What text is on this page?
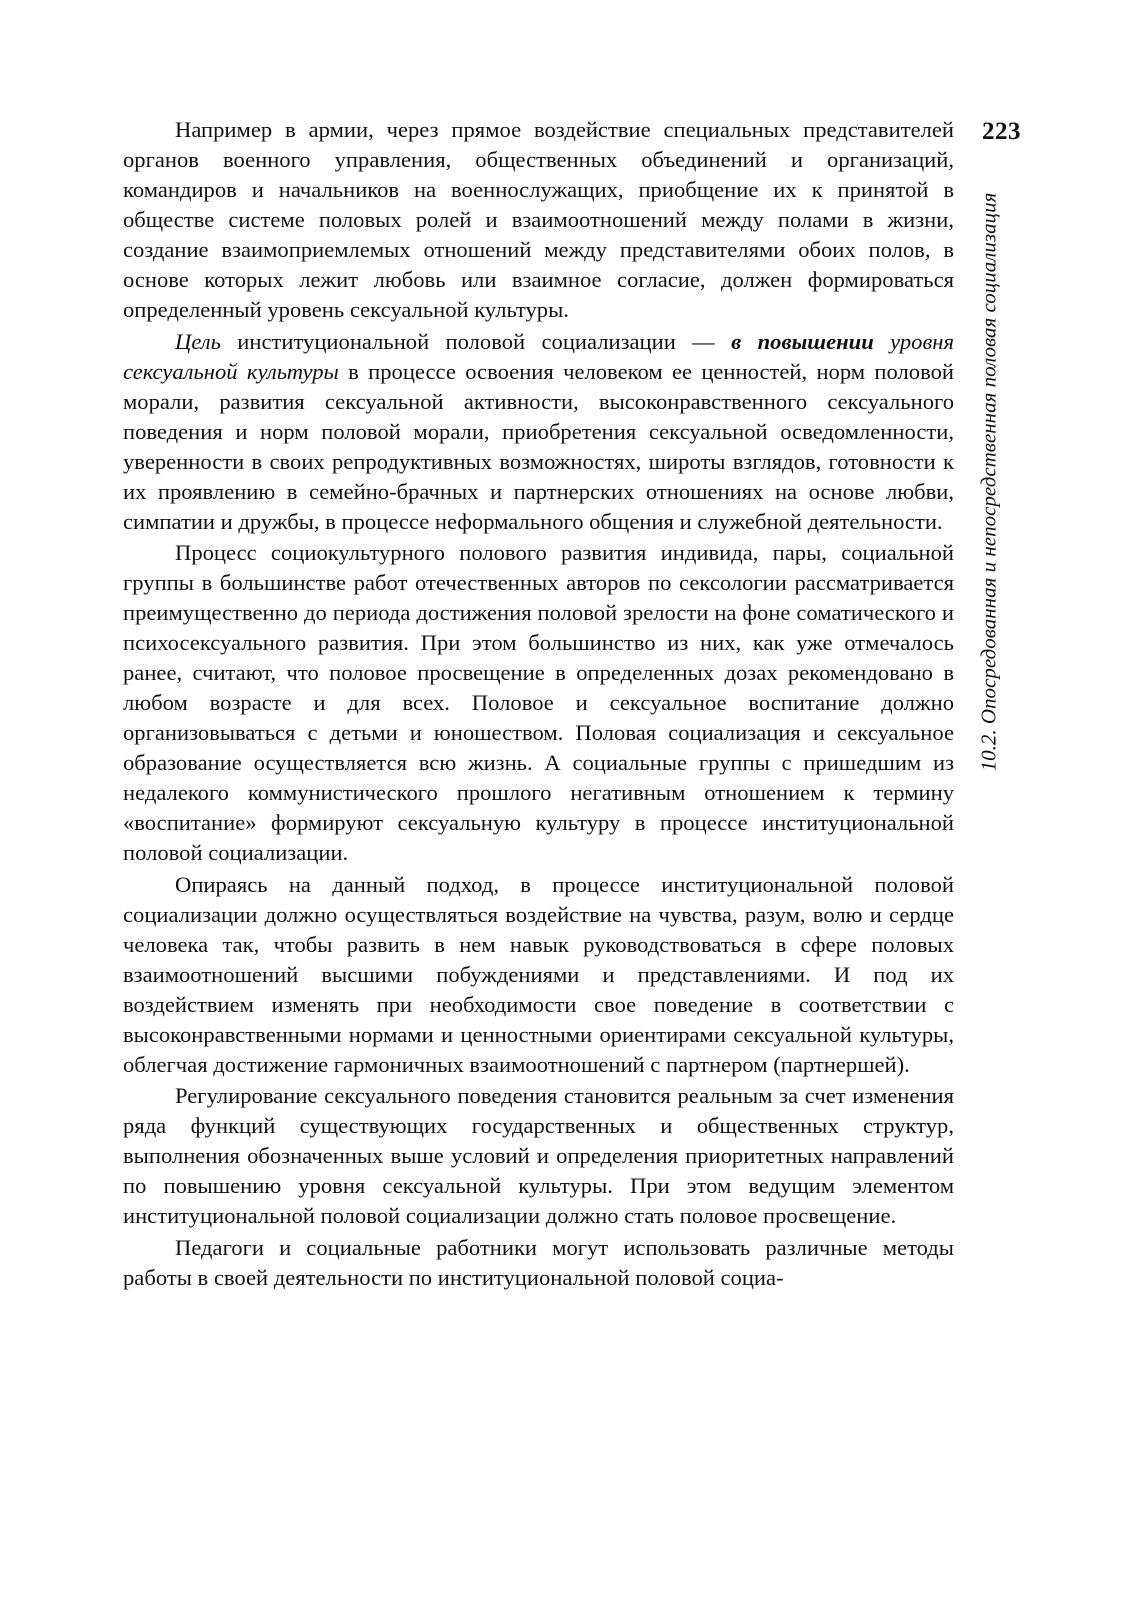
223
10.2. Опосредованная и непосредственная половая социализация

Например в армии, через прямое воздействие специальных представителей органов военного управления, общественных объединений и организаций, командиров и начальников на военнослужащих, приобщение их к принятой в обществе системе половых ролей и взаимоотношений между полами в жизни, создание взаимоприемлемых отношений между представителями обоих полов, в основе которых лежит любовь или взаимное согласие, должен формироваться определенный уровень сексуальной культуры.

Цель институциональной половой социализации — в повышении уровня сексуальной культуры в процессе освоения человеком ее ценностей, норм половой морали, развития сексуальной активности, высоконравственного сексуального поведения и норм половой морали, приобретения сексуальной осведомленности, уверенности в своих репродуктивных возможностях, широты взглядов, готовности к их проявлению в семейно-брачных и партнерских отношениях на основе любви, симпатии и дружбы, в процессе неформального общения и служебной деятельности.

Процесс социокультурного полового развития индивида, пары, социальной группы в большинстве работ отечественных авторов по сексологии рассматривается преимущественно до периода достижения половой зрелости на фоне соматического и психосексуального развития. При этом большинство из них, как уже отмечалось ранее, считают, что половое просвещение в определенных дозах рекомендовано в любом возрасте и для всех. Половое и сексуальное воспитание должно организовываться с детьми и юношеством. Половая социализация и сексуальное образование осуществляется всю жизнь. А социальные группы с пришедшим из недалекого коммунистического прошлого негативным отношением к термину «воспитание» формируют сексуальную культуру в процессе институциональной половой социализации.

Опираясь на данный подход, в процессе институциональной половой социализации должно осуществляться воздействие на чувства, разум, волю и сердце человека так, чтобы развить в нем навык руководствоваться в сфере половых взаимоотношений высшими побуждениями и представлениями. И под их воздействием изменять при необходимости свое поведение в соответствии с высоконравственными нормами и ценностными ориентирами сексуальной культуры, облегчая достижение гармоничных взаимоотношений с партнером (партнершей).

Регулирование сексуального поведения становится реальным за счет изменения ряда функций существующих государственных и общественных структур, выполнения обозначенных выше условий и определения приоритетных направлений по повышению уровня сексуальной культуры. При этом ведущим элементом институциональной половой социализации должно стать половое просвещение.

Педагоги и социальные работники могут использовать различные методы работы в своей деятельности по институциональной половой социа-
